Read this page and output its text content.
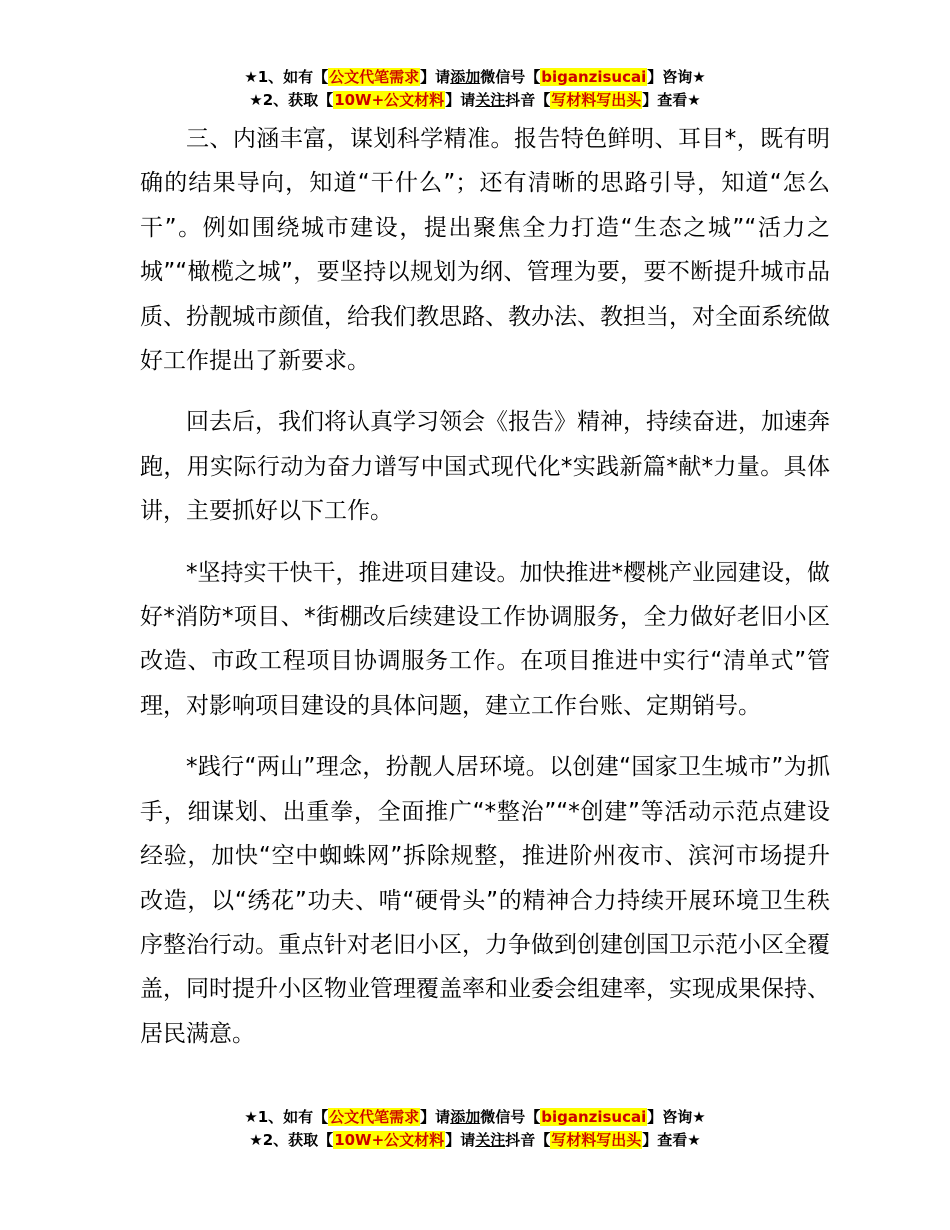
★1、如有【公文代笔需求】请添加微信号【biganzisucai】咨询★
★2、获取【10W+公文材料】请关注抖音【写材料写出头】查看★

三、内涵丰富，谋划科学精准。报告特色鲜明、耳目*，既有明确的结果导向，知道“干什么”；还有清晰的思路引导，知道“怎么干”。例如围绕城市建设，提出聚焦全力打造“生态之城”“活力之城”“橄榄之城”，要坚持以规划为纲、管理为要，要不断提升城市品质、扮靓城市颜值，给我们教思路、教办法、教担当，对全面系统做好工作提出了新要求。

回去后，我们将认真学习领会《报告》精神，持续奋进，加速奔跑，用实际行动为奋力谱写中国式现代化*实践新篇*献*力量。具体讲，主要抓好以下工作。

*坚持实干快干，推进项目建设。加快推进*樱桃产业园建设，做好*消防*项目、*街棚改后续建设工作协调服务，全力做好老旧小区改造、市政工程项目协调服务工作。在项目推进中实行“清单式”管理，对影响项目建设的具体问题，建立工作台账、定期销号。

*践行“两山”理念，扮靓人居环境。以创建“国家卫生城市”为抓手，细谋划、出重拳，全面推广“*整治”“*创建”等活动示范点建设经验，加快“空中蜘蛛网”拆除规整，推进阶州夜市、滨河市场提升改造，以“绣花”功夫、啃“硬骨头”的精神合力持续开展环境卫生秩序整治行动。重点针对老旧小区，力争做到创建创国卫示范小区全覆盖，同时提升小区物业管理覆盖率和业委会组建率，实现成果保持、居民满意。

★1、如有【公文代笔需求】请添加微信号【biganzisucai】咨询★
★2、获取【10W+公文材料】请关注抖音【写材料写出头】查看★
